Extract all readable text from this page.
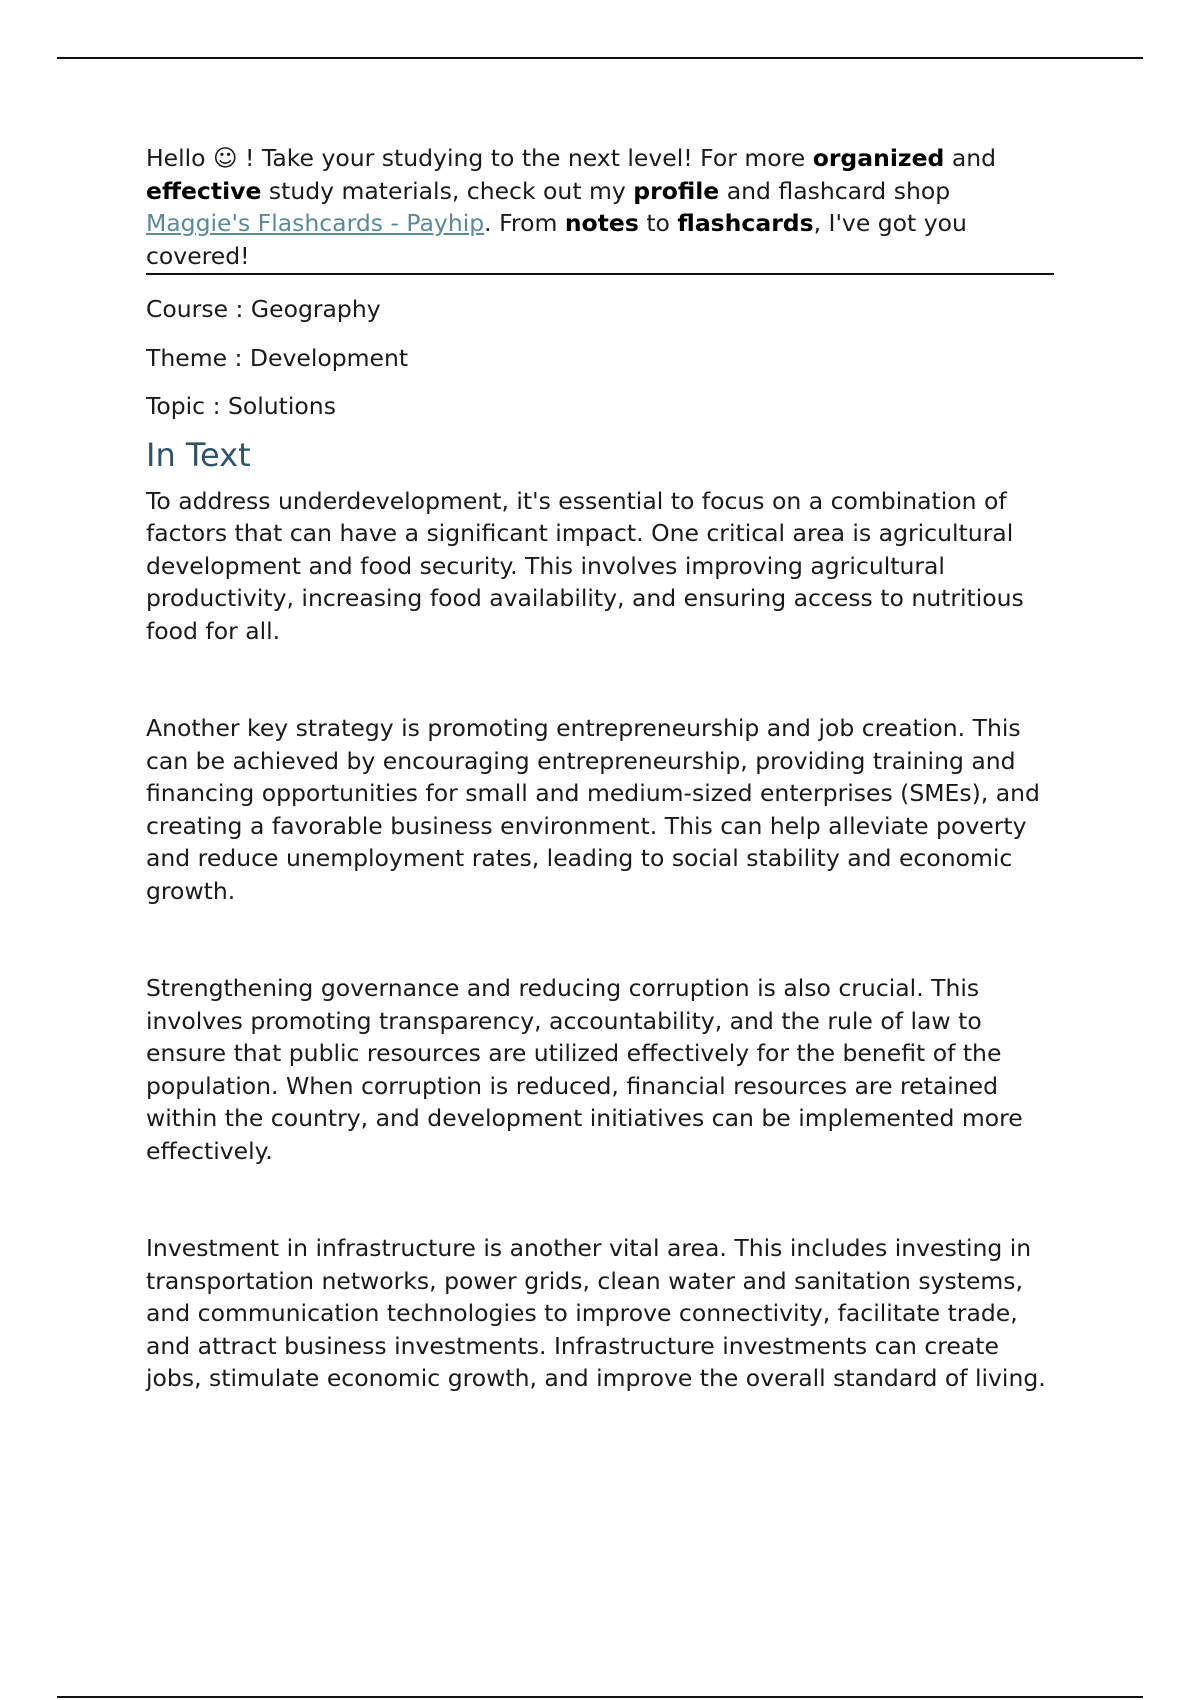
Hello ☺ ! Take your studying to the next level! For more organized and effective study materials, check out my profile and flashcard shop Maggie's Flashcards - Payhip. From notes to flashcards, I've got you covered!

Course : Geography

Theme : Development

Topic : Solutions

In Text

To address underdevelopment, it's essential to focus on a combination of factors that can have a significant impact. One critical area is agricultural development and food security. This involves improving agricultural productivity, increasing food availability, and ensuring access to nutritious food for all.

Another key strategy is promoting entrepreneurship and job creation. This can be achieved by encouraging entrepreneurship, providing training and financing opportunities for small and medium-sized enterprises (SMEs), and creating a favorable business environment. This can help alleviate poverty and reduce unemployment rates, leading to social stability and economic growth.

Strengthening governance and reducing corruption is also crucial. This involves promoting transparency, accountability, and the rule of law to ensure that public resources are utilized effectively for the benefit of the population. When corruption is reduced, financial resources are retained within the country, and development initiatives can be implemented more effectively.

Investment in infrastructure is another vital area. This includes investing in transportation networks, power grids, clean water and sanitation systems, and communication technologies to improve connectivity, facilitate trade, and attract business investments. Infrastructure investments can create jobs, stimulate economic growth, and improve the overall standard of living.
